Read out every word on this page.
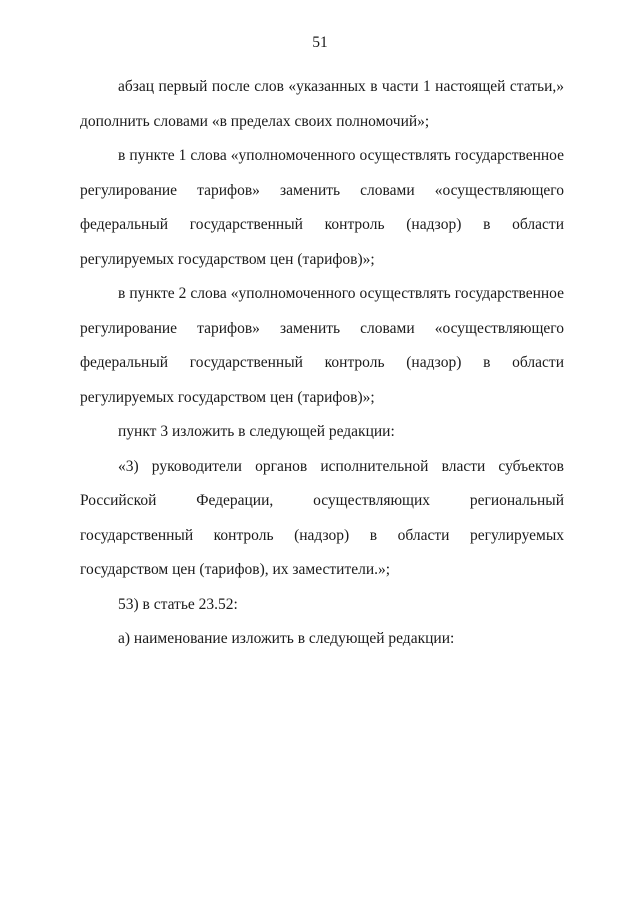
51

абзац первый после слов «указанных в части 1 настоящей статьи,» дополнить словами «в пределах своих полномочий»;

в пункте 1 слова «уполномоченного осуществлять государственное регулирование тарифов» заменить словами «осуществляющего федеральный государственный контроль (надзор) в области регулируемых государством цен (тарифов)»;

в пункте 2 слова «уполномоченного осуществлять государственное регулирование тарифов» заменить словами «осуществляющего федеральный государственный контроль (надзор) в области регулируемых государством цен (тарифов)»;

пункт 3 изложить в следующей редакции:

«3) руководители органов исполнительной власти субъектов Российской Федерации, осуществляющих региональный государственный контроль (надзор) в области регулируемых государством цен (тарифов), их заместители.»;

53) в статье 23.52:

а) наименование изложить в следующей редакции:
